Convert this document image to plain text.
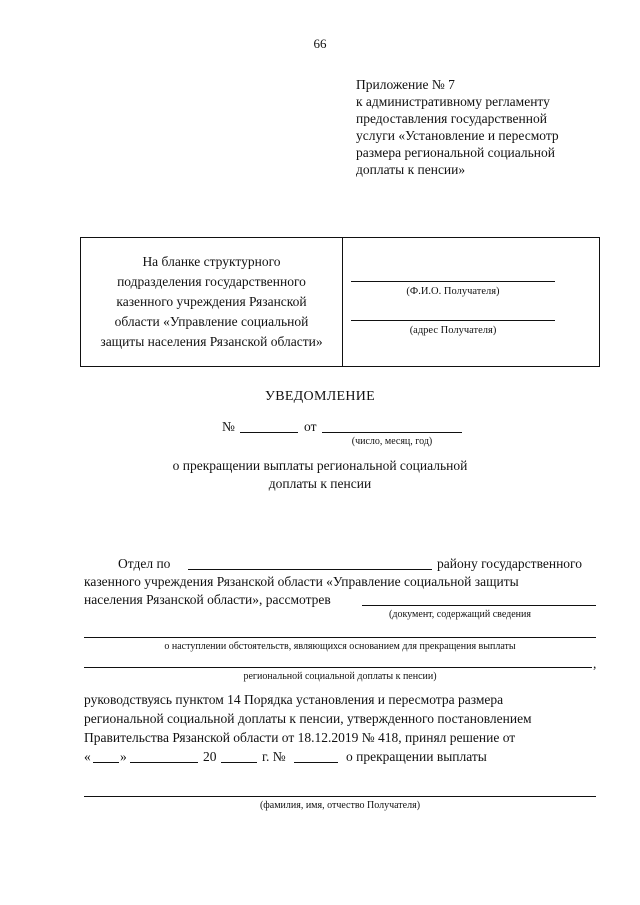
66
Приложение № 7
к административному регламенту
предоставления государственной
услуги «Установление и пересмотр
размера региональной социальной
доплаты к пенсии»
На бланке структурного
подразделения государственного
казенного учреждения Рязанской
области «Управление социальной
защиты населения Рязанской области»
(Ф.И.О. Получателя)
(адрес Получателя)
УВЕДОМЛЕНИЕ
№	от
(число, месяц, год)
о прекращении выплаты региональной социальной
доплаты к пенсии
Отдел по	району государственного
казенного учреждения Рязанской области «Управление социальной защиты
населения Рязанской области», рассмотрев
(документ, содержащий сведения
о наступлении обстоятельств, являющихся основанием для прекращения выплаты
,
региональной социальной доплаты к пенсии)
руководствуясь пунктом 14 Порядка установления и пересмотра размера
региональной социальной доплаты к пенсии, утвержденного постановлением
Правительства Рязанской области от 18.12.2019 № 418, принял решение от
« »	20	г. №	о прекращении выплаты
(фамилия, имя, отчество Получателя)
